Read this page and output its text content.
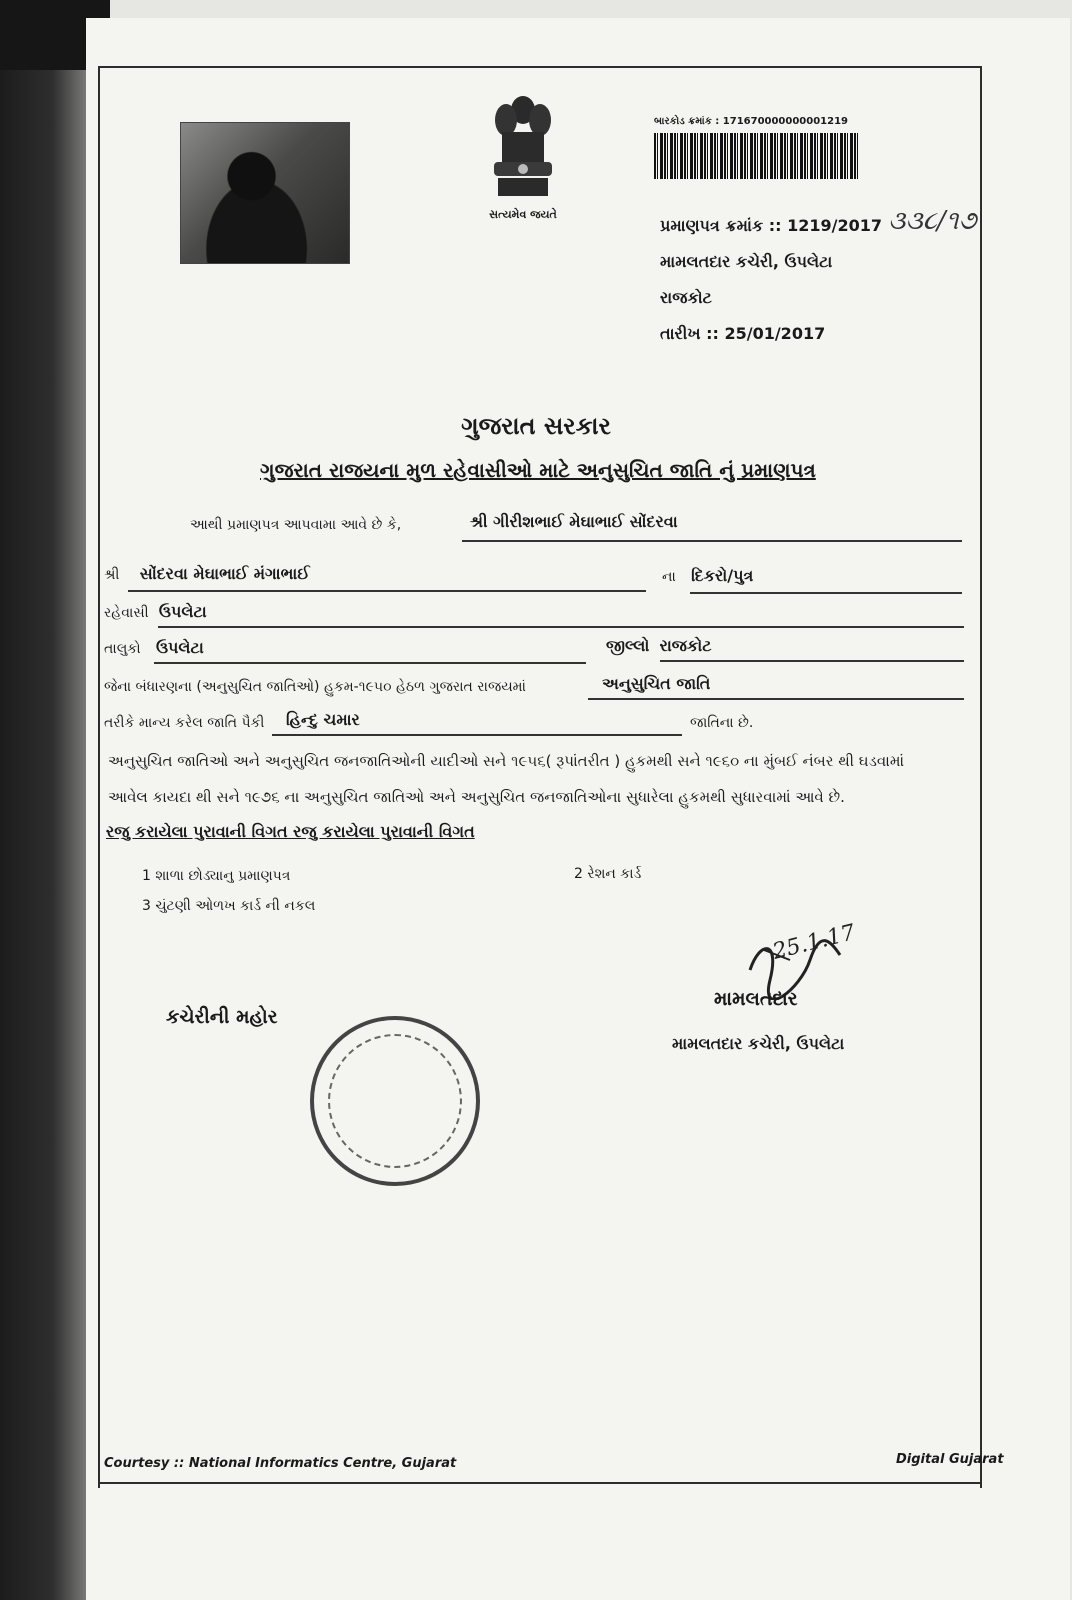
સત્યમેવ જયતે
બારકોડ ક્રમાંક : 171670000000001219
પ્રમાણપત્ર ક્રમાંક :: 1219/2017
મામલતદાર કચેરી, ઉપલેટા
રાજકોટ
તારીખ :: 25/01/2017
૩૩૮/૧૭
ગુજરાત સરકાર
ગુજરાત રાજયના મુળ રહેવાસીઓ માટે અનુસુચિત જાતિ નું પ્રમાણપત્ર
આથી પ્રમાણપત્ર આપવામા આવે છે કે,	શ્રી ગીરીશભાઈ મેઘાભાઈ સોંદરવા
શ્રી સોંદરવા મેઘાભાઈ મંગાભાઈ	ના દિકરો/પુત્ર
રહેવાસી ઉપલેટા
તાલુકો ઉપલેટા	જીલ્લો રાજકોટ
જેના બંધારણના (અનુસુચિત જાતિઓ) હુકમ-૧૯૫૦ હેઠળ ગુજરાત રાજયમાં	અનુસુચિત જાતિ
તરીકે માન્ય કરેલ જાતિ પૈકી હિન્દુ ચમાર	જાતિના છે.
અનુસુચિત જાતિઓ અને અનુસુચિત જનજાતિઓની યાદીઓ સને ૧૯૫૬( રૂપાંતરીત ) હુકમથી સને ૧૯૬૦ ના મુંબઈ નંબર થી ઘડવામાં
આવેલ કાયદા થી સને ૧૯૭૬ ના અનુસુચિત જાતિઓ અને અનુસુચિત જનજાતિઓના સુધારેલા હુકમથી સુધારવામાં આવે છે.
રજુ કરાયેલા પુરાવાની વિગત રજુ કરાયેલા પુરાવાની વિગત
1 શાળા છોડ્યાનુ પ્રમાણપત્ર	2 રેશન કાર્ડ
3 ચુંટણી ઓળખ કાર્ડ ની નકલ
25.1.17
મામલતદાર
મામલતદાર કચેરી, ઉપલેટા
કચેરીની મહોર
Courtesy :: National Informatics Centre, Gujarat	Digital Gujarat
